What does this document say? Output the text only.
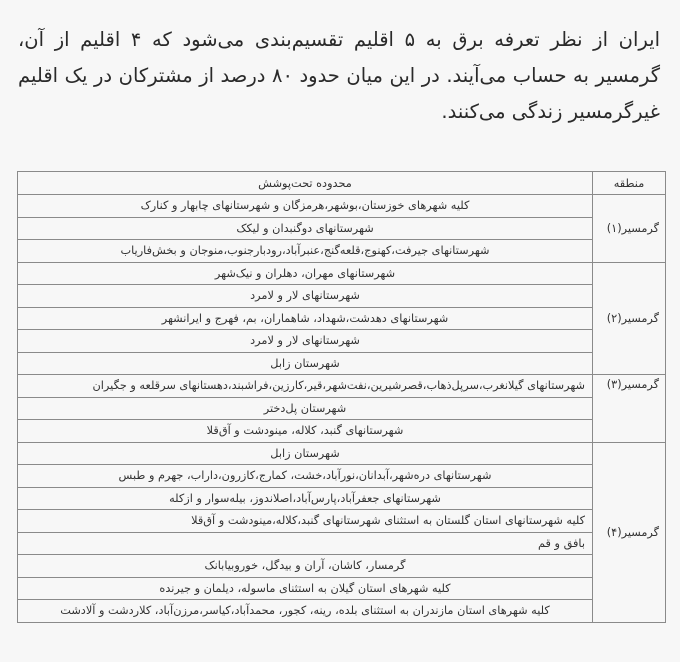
ایران از نظر تعرفه برق به ۵ اقلیم تقسیم‌بندی می‌شود که ۴ اقلیم از آن، گرمسیر به حساب می‌آیند. در این میان حدود ۸۰ درصد از مشترکان در یک اقلیم غیرگرمسیر زندگی می‌کنند.
منطقه	محدوده تحت‌پوشش
گرمسیر(۱)	کلیه شهرهای خوزستان،بوشهر،هرمزگان و شهرستانهای چابهار و کنارک
	شهرستانهای دوگنبدان و لیکک
	شهرستانهای جیرفت،کهنوج،قلعه‌گنج،عنبرآباد،رودبارجنوب،منوجان و بخش‌فاریاب
گرمسیر(۲)	شهرستانهای مهران، دهلران و نیک‌شهر
	شهرستانهای لار و لامرد
	شهرستانهای دهدشت،شهداد، شاهماران، بم، فهرج و ایرانشهر
	شهرستانهای لار و لامرد
	شهرستان زابل
گرمسیر(۳)	شهرستانهای گیلانغرب،سرپل‌ذهاب،قصرشیرین،نفت‌شهر،قیر،کارزین،فراشبند،دهستانهای سرقلعه و جگیران
	شهرستان پل‌دختر
	شهرستانهای گنبد، کلاله، مینودشت و آق‌قلا
گرمسیر(۴)	شهرستان زابل
	شهرستانهای دره‌شهر،آبدانان،نورآباد،خشت، کمارج،کازرون،داراب، جهرم و طبس
	شهرستانهای جعفرآباد،پارس‌آباد،اصلاندوز، بیله‌سوار و ازکله
	کلیه شهرستانهای استان گلستان به استثنای شهرستانهای گنبد،کلاله،مینودشت و آق‌قلا
	بافق و قم
	گرمسار، کاشان، آران و بیدگل، خوروبیابانک
	کلیه شهرهای استان گیلان به استثنای ماسوله، دیلمان و جیرنده
	کلیه شهرهای استان مازندران به استثنای بلده، رینه، کجور، محمدآباد،کیاسر،مرزن‌آباد، کلاردشت و آلادشت
